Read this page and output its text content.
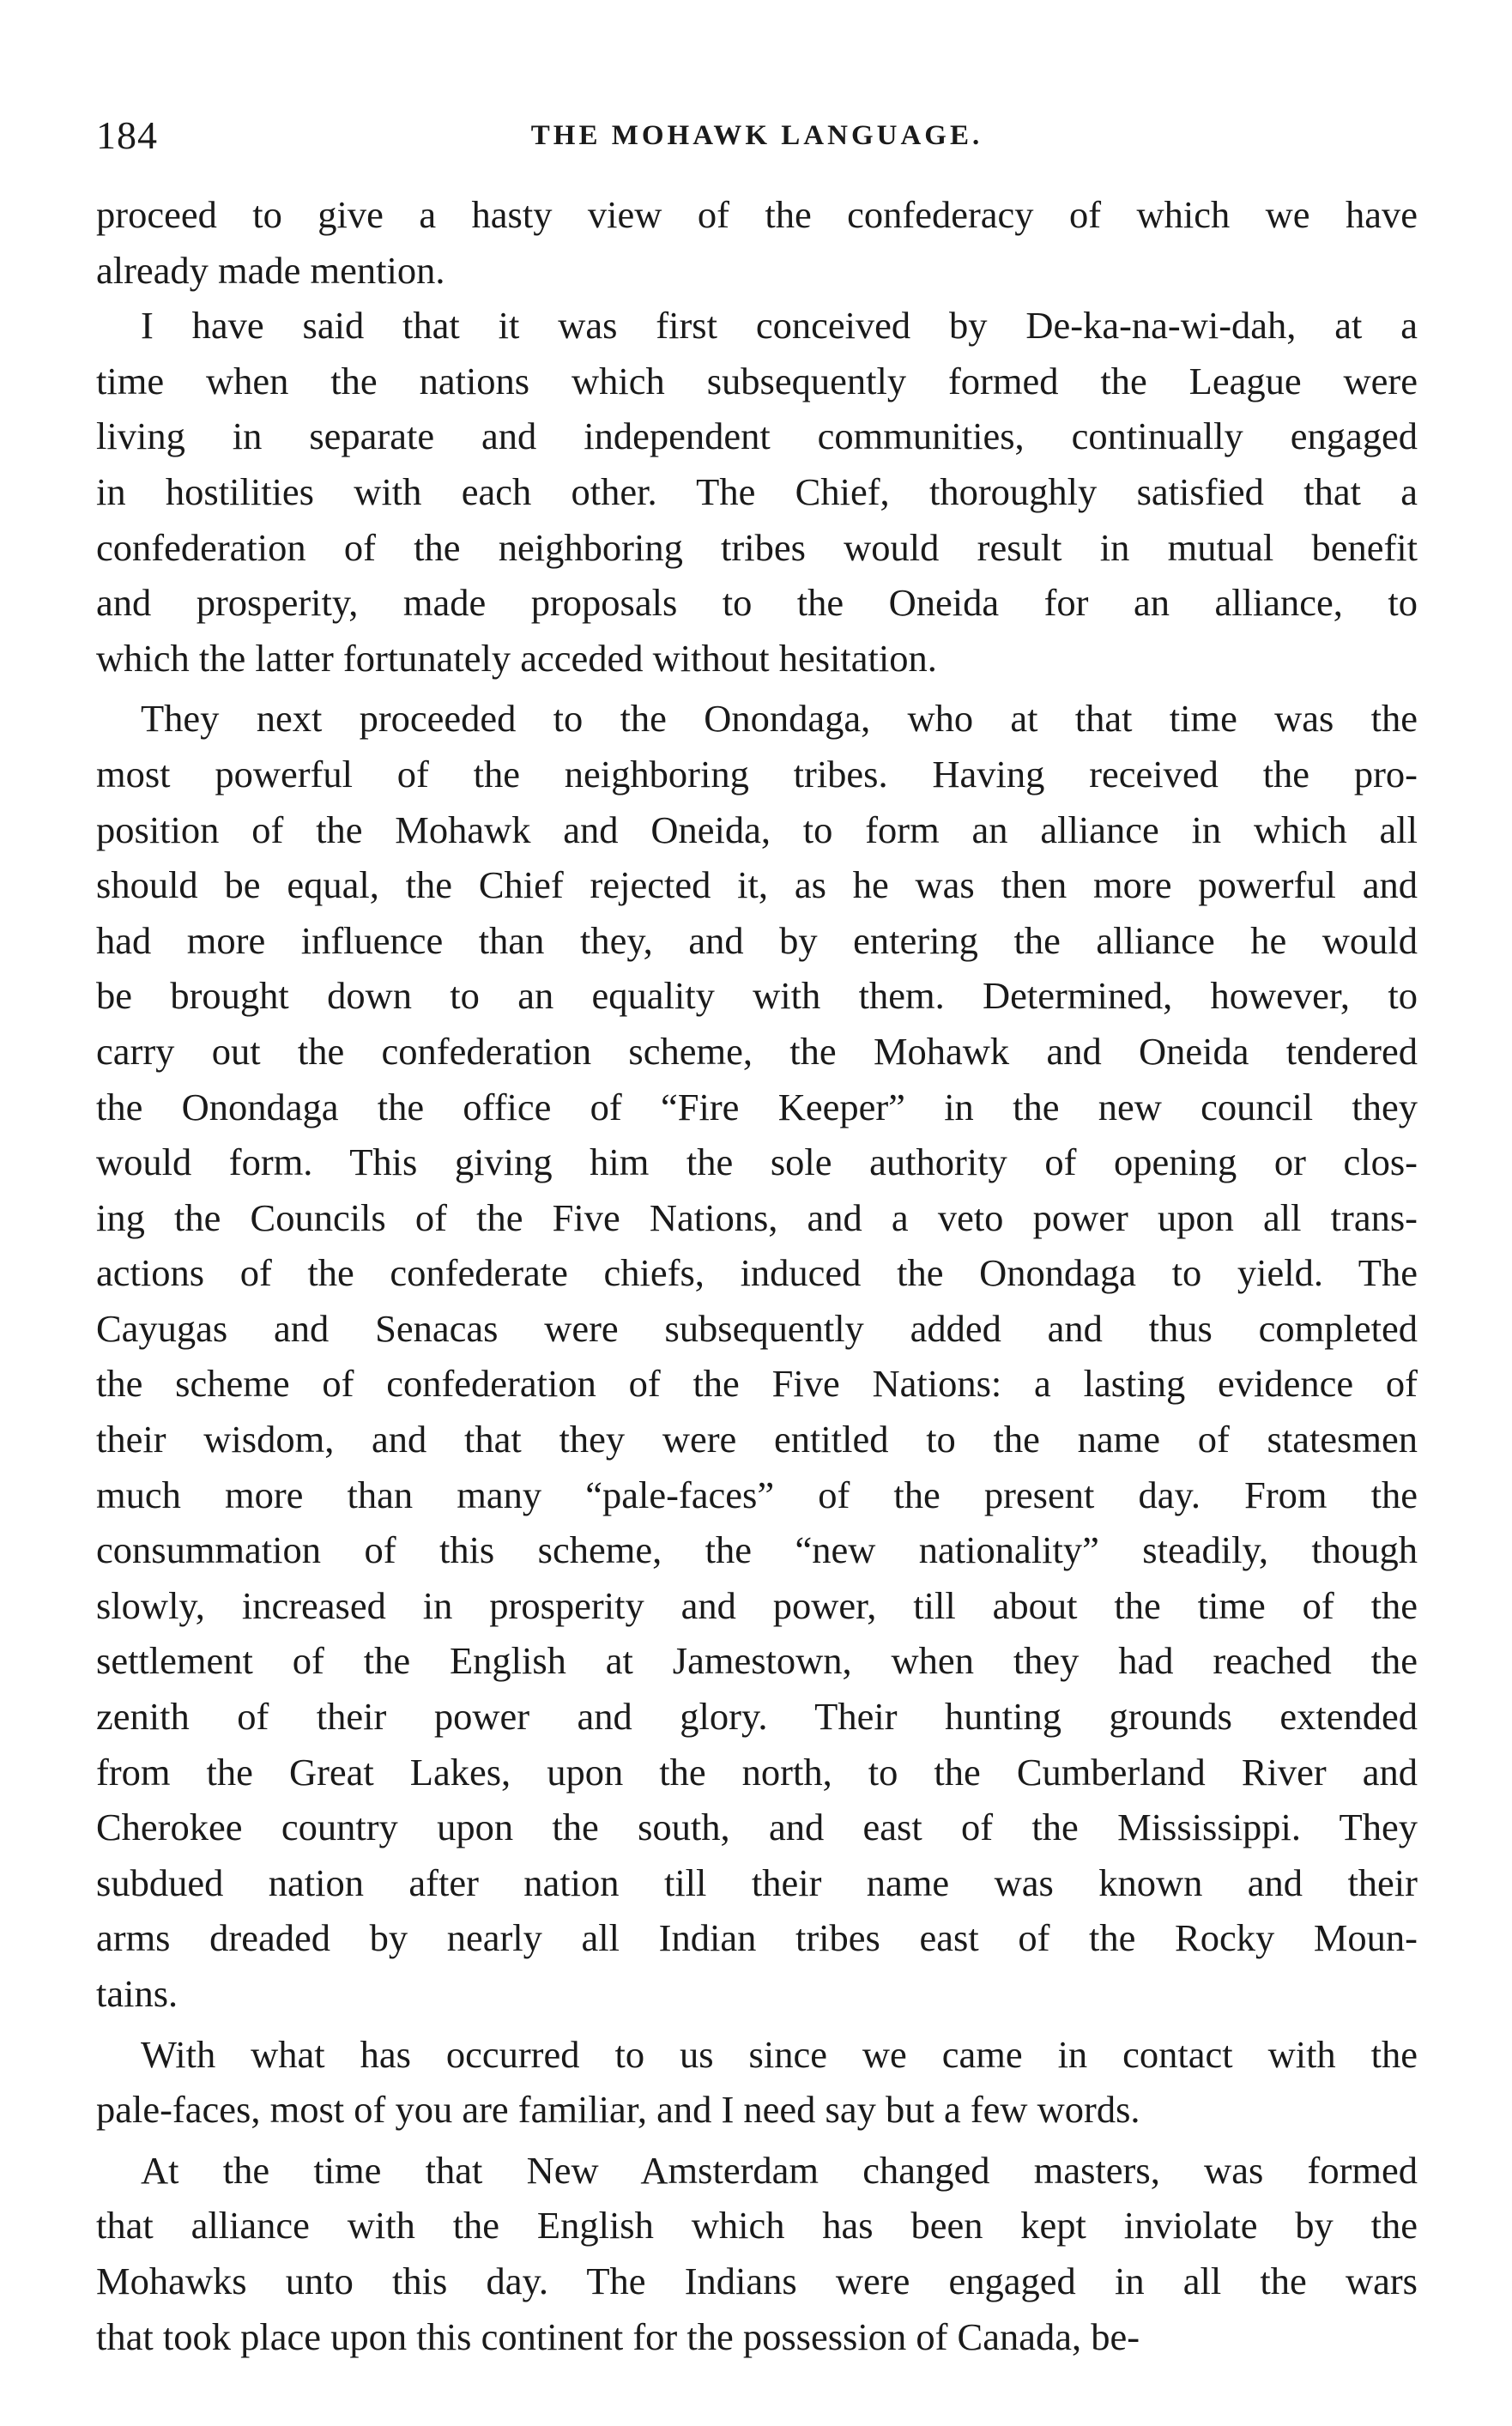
184	THE MOHAWK LANGUAGE.
proceed to give a hasty view of the confederacy of which we have
already made mention.
I have said that it was first conceived by De-ka-na-wi-dah, at a
time when the nations which subsequently formed the League were
living in separate and independent communities, continually engaged
in hostilities with each other. The Chief, thoroughly satisfied that a
confederation of the neighboring tribes would result in mutual benefit
and prosperity, made proposals to the Oneida for an alliance, to
which the latter fortunately acceded without hesitation.
They next proceeded to the Onondaga, who at that time was the
most powerful of the neighboring tribes. Having received the pro-
position of the Mohawk and Oneida, to form an alliance in which all
should be equal, the Chief rejected it, as he was then more powerful and
had more influence than they, and by entering the alliance he would
be brought down to an equality with them. Determined, however, to
carry out the confederation scheme, the Mohawk and Oneida tendered
the Onondaga the office of “Fire Keeper” in the new council they
would form. This giving him the sole authority of opening or clos-
ing the Councils of the Five Nations, and a veto power upon all trans-
actions of the confederate chiefs, induced the Onondaga to yield. The
Cayugas and Senacas were subsequently added and thus completed
the scheme of confederation of the Five Nations: a lasting evidence of
their wisdom, and that they were entitled to the name of statesmen
much more than many “pale-faces” of the present day. From the
consummation of this scheme, the “new nationality” steadily, though
slowly, increased in prosperity and power, till about the time of the
settlement of the English at Jamestown, when they had reached the
zenith of their power and glory. Their hunting grounds extended
from the Great Lakes, upon the north, to the Cumberland River and
Cherokee country upon the south, and east of the Mississippi. They
subdued nation after nation till their name was known and their
arms dreaded by nearly all Indian tribes east of the Rocky Moun-
tains.
With what has occurred to us since we came in contact with the
pale-faces, most of you are familiar, and I need say but a few words.
At the time that New Amsterdam changed masters, was formed
that alliance with the English which has been kept inviolate by the
Mohawks unto this day. The Indians were engaged in all the wars
that took place upon this continent for the possession of Canada, be-
